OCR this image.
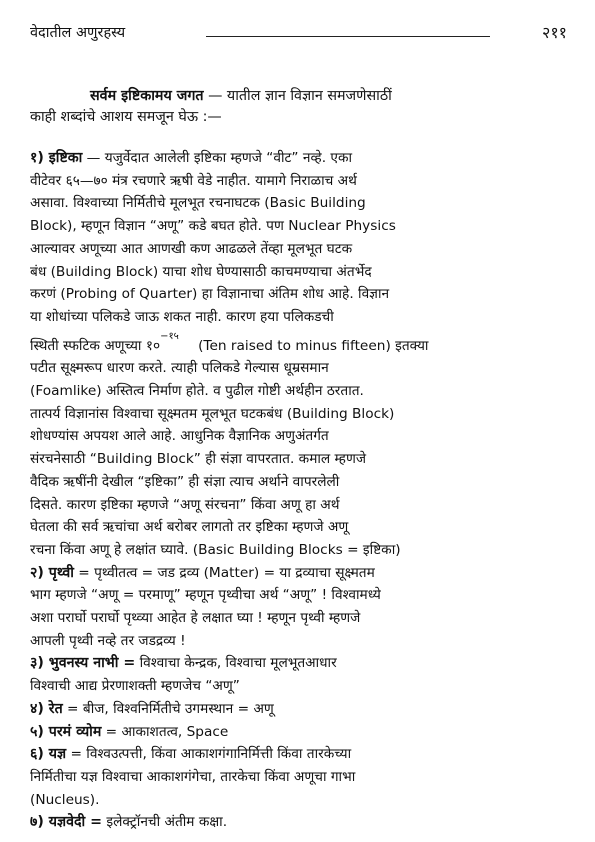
वेदातील अणुरहस्य	२११

सर्वम इष्टिकामय जगत — यातील ज्ञान विज्ञान समजणेसाठीं

काही शब्दांचे आशय समजून घेऊ :—

१) इष्टिका — यजुर्वेदात आलेली इष्टिका म्हणजे “वीट” नव्हे. एका

वीटेवर ६५—७० मंत्र रचणारे ऋषी वेडे नाहीत. यामागे निराळाच अर्थ

असावा. विश्वाच्या निर्मितीचे मूलभूत रचनाघटक (Basic Building

Block), म्हणून विज्ञान “अणू” कडे बघत होते. पण Nuclear Physics

आल्यावर अणूच्या आत आणखी कण आढळले तेंव्हा मूलभूत घटक

बंध (Building Block) याचा शोध घेण्यासाठी काचमण्याचा अंतर्भेद

करणं (Probing of Quarter) हा विज्ञानाचा अंतिम शोध आहे. विज्ञान

या शोधांच्या पलिकडे जाऊ शकत नाही. कारण हया पलिकडची

स्थिती स्फटिक अणूच्या १०
−१५
(Ten raised to minus fifteen) इतक्या

पटीत सूक्ष्मरूप धारण करते. त्याही पलिकडे गेल्यास धूम्रसमान

(Foamlike) अस्तित्व निर्माण होते. व पुढील गोष्टी अर्थहीन ठरतात.

तात्पर्य विज्ञानांस विश्वाचा सूक्ष्मतम मूलभूत घटकबंध (Building Block)

शोधण्यांस अपयश आले आहे. आधुनिक वैज्ञानिक अणुअंतर्गत

संरचनेसाठी “Building Block” ही संज्ञा वापरतात. कमाल म्हणजे

वैदिक ऋषींनी देखील “इष्टिका” ही संज्ञा त्याच अर्थाने वापरलेली

दिसते. कारण इष्टिका म्हणजे “अणू संरचना” किंवा अणू हा अर्थ

घेतला की सर्व ऋचांचा अर्थ बरोबर लागतो तर इष्टिका म्हणजे अणू

रचना किंवा अणू हे लक्षांत घ्यावे. (Basic Building Blocks = इष्टिका)

२) पृथ्वी = पृथ्वीतत्व = जड द्रव्य (Matter) = या द्रव्याचा सूक्ष्मतम

भाग म्हणजे “अणू = परमाणू” म्हणून पृथ्वीचा अर्थ “अणू” ! विश्वामध्ये

अशा परार्घो परार्घो पृथ्व्या आहेत हे लक्षात घ्या ! म्हणून पृथ्वी म्हणजे

आपली पृथ्वी नव्हे तर जडद्रव्य !

३) भुवनस्य नाभी = विश्वाचा केन्द्रक, विश्वाचा मूलभूतआधार

विश्वाची आद्य प्रेरणाशक्ती म्हणजेच “अणू”

४) रेत = बीज, विश्वनिर्मितीचे उगमस्थान = अणू

५) परमं व्योम = आकाशतत्व, Space

६) यज्ञ = विश्वउत्पत्ती, किंवा आकाशगंगानिर्मित्ती किंवा तारकेच्या

निर्मितीचा यज्ञ विश्वाचा आकाशगंगेचा, तारकेचा किंवा अणूचा गाभा

(Nucleus).

७) यज्ञवेदी = इलेक्ट्रॉनची अंतीम कक्षा.
